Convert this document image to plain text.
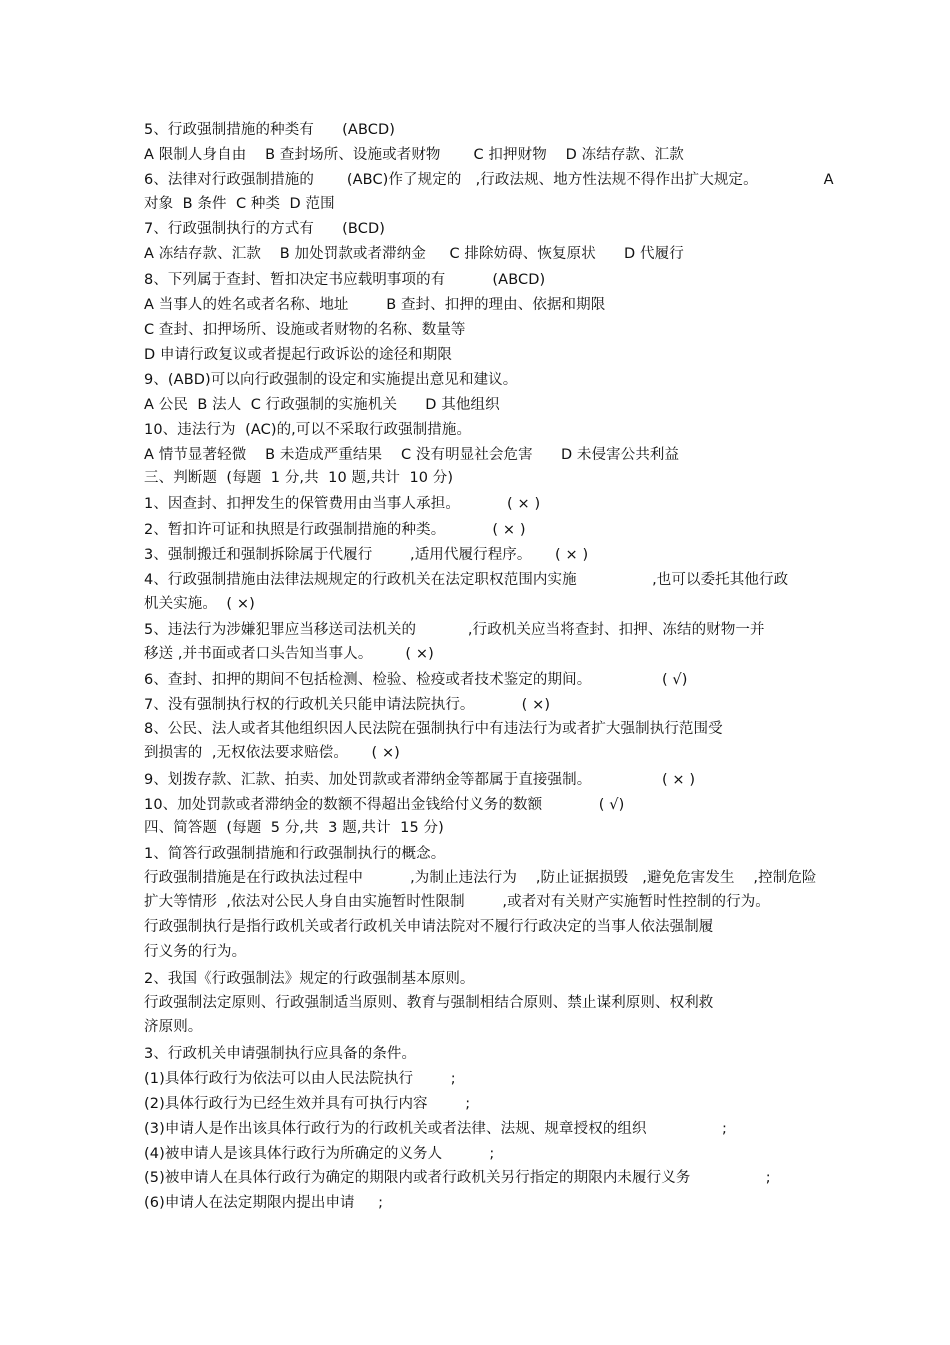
5、行政强制措施的种类有      (ABCD)

A 限制人身自由    B 查封场所、设施或者财物       C 扣押财物    D 冻结存款、汇款

6、法律对行政强制措施的       (ABC)作了规定的   ,行政法规、地方性法规不得作出扩大规定。              A

对象  B 条件  C 种类  D 范围

7、行政强制执行的方式有      (BCD)

A 冻结存款、汇款    B 加处罚款或者滞纳金     C 排除妨碍、恢复原状      D 代履行

8、下列属于查封、暂扣决定书应载明事项的有          (ABCD)

A 当事人的姓名或者名称、地址        B 查封、扣押的理由、依据和期限

C 查封、扣押场所、设施或者财物的名称、数量等

D 申请行政复议或者提起行政诉讼的途径和期限

9、(ABD)可以向行政强制的设定和实施提出意见和建议。

A 公民  B 法人  C 行政强制的实施机关      D 其他组织

10、违法行为  (AC)的,可以不采取行政强制措施。

A 情节显著轻微    B 未造成严重结果    C 没有明显社会危害      D 未侵害公共利益

三、判断题  (每题  1 分,共  10 题,共计  10 分)

1、因查封、扣押发生的保管费用由当事人承担。          ( × )

2、暂扣许可证和执照是行政强制措施的种类。          ( × )

3、强制搬迁和强制拆除属于代履行        ,适用代履行程序。     ( × )

4、行政强制措施由法律法规规定的行政机关在法定职权范围内实施                ,也可以委托其他行政

机关实施。  ( ×)

5、违法行为涉嫌犯罪应当移送司法机关的           ,行政机关应当将查封、扣押、冻结的财物一并

移送 ,并书面或者口头告知当事人。       ( ×)

6、查封、扣押的期间不包括检测、检验、检疫或者技术鉴定的期间。               ( √)

7、没有强制执行权的行政机关只能申请法院执行。          ( ×)

8、公民、法人或者其他组织因人民法院在强制执行中有违法行为或者扩大强制执行范围受

到损害的  ,无权依法要求赔偿。     ( ×)

9、划拨存款、汇款、拍卖、加处罚款或者滞纳金等都属于直接强制。               ( × )

10、加处罚款或者滞纳金的数额不得超出金钱给付义务的数额            ( √)

四、简答题  (每题  5 分,共  3 题,共计  15 分)

1、简答行政强制措施和行政强制执行的概念。

行政强制措施是在行政执法过程中          ,为制止违法行为    ,防止证据损毁   ,避免危害发生    ,控制危险

扩大等情形  ,依法对公民人身自由实施暂时性限制        ,或者对有关财产实施暂时性控制的行为。

行政强制执行是指行政机关或者行政机关申请法院对不履行行政决定的当事人依法强制履

行义务的行为。

2、我国《行政强制法》规定的行政强制基本原则。

行政强制法定原则、行政强制适当原则、教育与强制相结合原则、禁止谋利原则、权利救

济原则。

3、行政机关申请强制执行应具备的条件。

(1)具体行政行为依法可以由人民法院执行        ;

(2)具体行政行为已经生效并具有可执行内容        ;

(3)申请人是作出该具体行政行为的行政机关或者法律、法规、规章授权的组织                ;

(4)被申请人是该具体行政行为所确定的义务人          ;

(5)被申请人在具体行政行为确定的期限内或者行政机关另行指定的期限内未履行义务                ;

(6)申请人在法定期限内提出申请     ;
